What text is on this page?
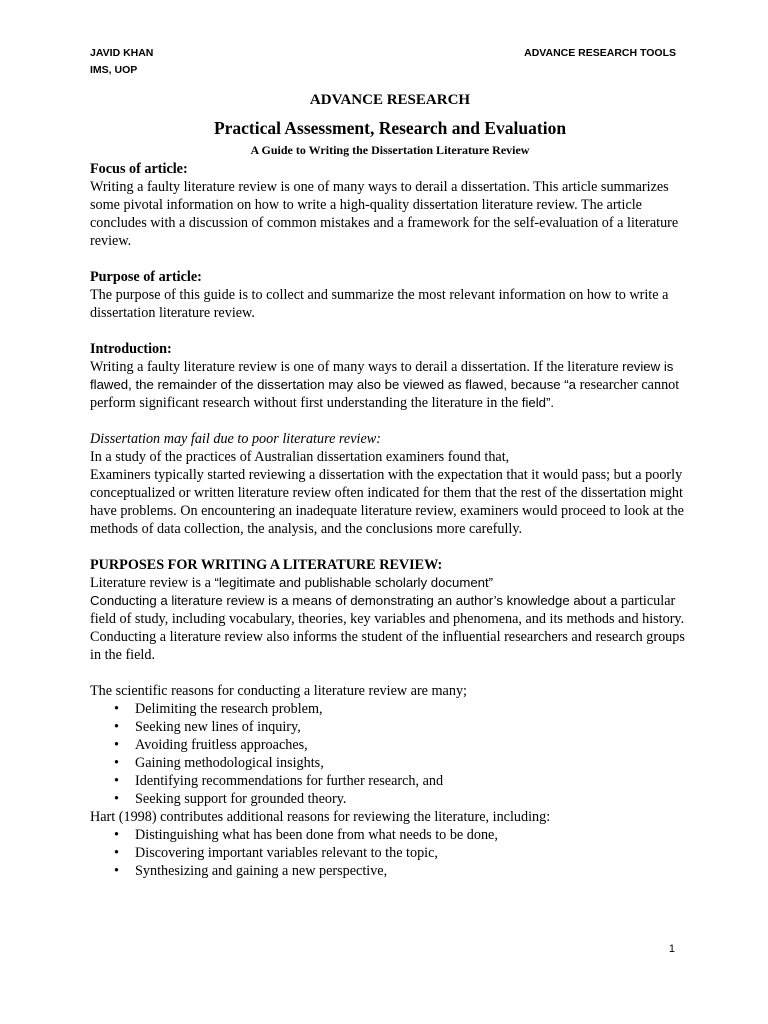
JAVID KHAN
IMS, UOP
ADVANCE RESEARCH TOOLS

ADVANCE RESEARCH

Practical Assessment, Research and Evaluation

A Guide to Writing the Dissertation Literature Review

Focus of article:

Writing a faulty literature review is one of many ways to derail a dissertation. This article summarizes some pivotal information on how to write a high-quality dissertation literature review. The article concludes with a discussion of common mistakes and a framework for the self-evaluation of a literature review.

Purpose of article:

The purpose of this guide is to collect and summarize the most relevant information on how to write a dissertation literature review.

Introduction:

Writing a faulty literature review is one of many ways to derail a dissertation. If the literature review is flawed, the remainder of the dissertation may also be viewed as flawed, because “a researcher cannot perform significant research without first understanding the literature in the field”.

Dissertation may fail due to poor literature review:

In a study of the practices of Australian dissertation examiners found that,

Examiners typically started reviewing a dissertation with the expectation that it would pass; but a poorly conceptualized or written literature review often indicated for them that the rest of the dissertation might have problems. On encountering an inadequate literature review, examiners would proceed to look at the methods of data collection, the analysis, and the conclusions more carefully.

PURPOSES FOR WRITING A LITERATURE REVIEW:

Literature review is a “legitimate and publishable scholarly document”

Conducting a literature review is a means of demonstrating an author’s knowledge about a particular field of study, including vocabulary, theories, key variables and phenomena, and its methods and history. Conducting a literature review also informs the student of the influential researchers and research groups in the field.

The scientific reasons for conducting a literature review are many;

• Delimiting the research problem,
• Seeking new lines of inquiry,
• Avoiding fruitless approaches,
• Gaining methodological insights,
• Identifying recommendations for further research, and
• Seeking support for grounded theory.

Hart (1998) contributes additional reasons for reviewing the literature, including:

• Distinguishing what has been done from what needs to be done,
• Discovering important variables relevant to the topic,
• Synthesizing and gaining a new perspective,
1
